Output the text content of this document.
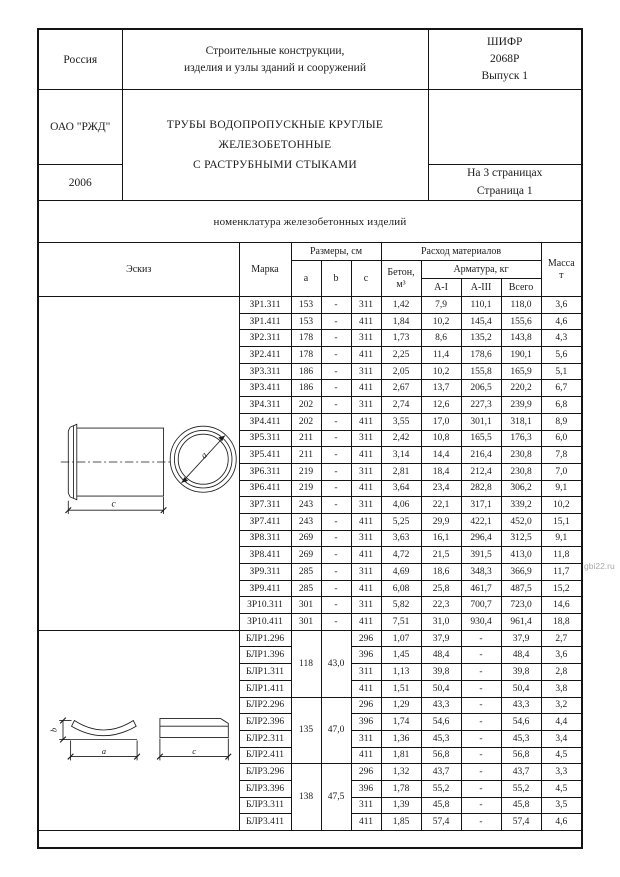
Россия	
Строительные конструкции,
изделия и узлы зданий и сооружений

ШИФР
2068Р
Выпуск 1

ОАО "РЖД"	ТРУБЫ ВОДОПРОПУСКНЫЕ КРУГЛЫЕ
ЖЕЛЕЗОБЕТОННЫЕ
С РАСТРУБНЫМИ СТЫКАМИ	

2006		На 3 страницах
Страница 1
номенклатура железобетонных изделий
Эскиз	Марка	Размеры, см			Расход материалов				Масса
т

		a	b	c	Бетон, м³	Арматура, кг			
						А-I	А-III	Всего	

c
a	ЗР1.311	153	-	311	1,42	7,9	110,1	118,0	3,6
	ЗР1.411	153	-	411	1,84	10,2	145,4	155,6	4,6
	ЗР2.311	178	-	311	1,73	8,6	135,2	143,8	4,3
	ЗР2.411	178	-	411	2,25	11,4	178,6	190,1	5,6
	ЗР3.311	186	-	311	2,05	10,2	155,8	165,9	5,1
	ЗР3.411	186	-	411	2,67	13,7	206,5	220,2	6,7
	ЗР4.311	202	-	311	2,74	12,6	227,3	239,9	6,8
	ЗР4.411	202	-	411	3,55	17,0	301,1	318,1	8,9
	ЗР5.311	211	-	311	2,42	10,8	165,5	176,3	6,0
	ЗР5.411	211	-	411	3,14	14,4	216,4	230,8	7,8
	ЗР6.311	219	-	311	2,81	18,4	212,4	230,8	7,0
	ЗР6.411	219	-	411	3,64	23,4	282,8	306,2	9,1
	ЗР7.311	243	-	311	4,06	22,1	317,1	339,2	10,2
	ЗР7.411	243	-	411	5,25	29,9	422,1	452,0	15,1
	ЗР8.311	269	-	311	3,63	16,1	296,4	312,5	9,1
	ЗР8.411	269	-	411	4,72	21,5	391,5	413,0	11,8
	ЗР9.311	285	-	311	4,69	18,6	348,3	366,9	11,7
	ЗР9.411	285	-	411	6,08	25,8	461,7	487,5	15,2
	ЗР10.311	301	-	311	5,82	22,3	700,7	723,0	14,6
	ЗР10.411	301	-	411	7,51	31,0	930,4	961,4	18,8

b
a c	БЛР1.296	118	43,0	296	1,07	37,9	-	37,9	2,7
	БЛР1.396			396	1,45	48,4	-	48,4	3,6
	БЛР1.311			311	1,13	39,8	-	39,8	2,8
	БЛР1.411			411	1,51	50,4	-	50,4	3,8
	БЛР2.296	135	47,0	296	1,29	43,3	-	43,3	3,2
	БЛР2.396			396	1,74	54,6	-	54,6	4,4
	БЛР2.311			311	1,36	45,3	-	45,3	3,4
	БЛР2.411			411	1,81	56,8	-	56,8	4,5
	БЛР3.296	138	47,5	296	1,32	43,7	-	43,7	3,3
	БЛР3.396			396	1,78	55,2	-	55,2	4,5
	БЛР3.311			311	1,39	45,8	-	45,8	3,5
	БЛР3.411			411	1,85	57,4	-	57,4	4,6

gbi22.ru
